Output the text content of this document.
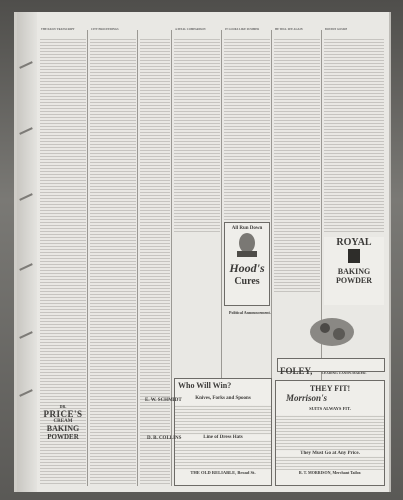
THE DAILY TRANSCRIPT	CITY PROCEEDINGS	A FINAL COMPARISON	IT LOOKS LIKE SUMMER	HE WILL SEE AGAIN	BOSTON GOSSIP
DR.
PRICE'S
CREAM
BAKING
POWDER
All Run Down
Hood's
Cures
Political Announcement.
ROYAL
BAKING
POWDER
FOLEY,	LEADING CANDY-MAKER.
Who Will Win?
Knives, Forks and Spoons
Line of Dress Hats
THE OLD RELIABLE, Broad St.
THEY FIT!
Morrison's
SUITS ALWAYS FIT.
They Must Go at Any Price.
R. T. MORRISON, Merchant Tailor.
E. W. SCHMIDT
D. B. COLLINS
